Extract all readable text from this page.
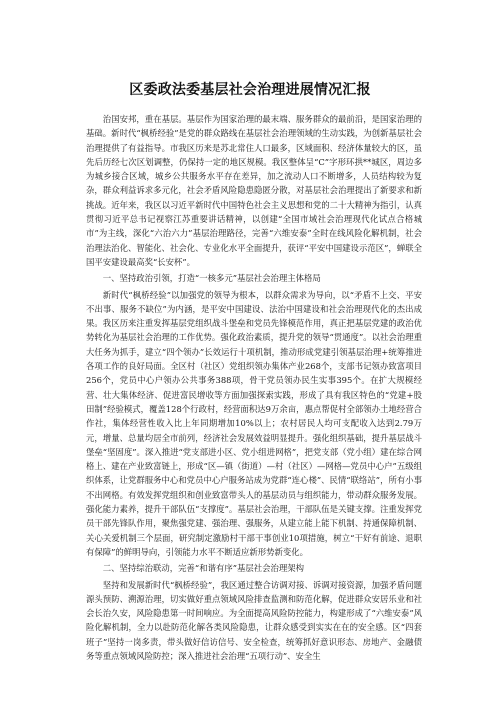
区委政法委基层社会治理进展情况汇报

治国安邦，重在基层。基层作为国家治理的最末端、服务群众的最前沿，是国家治理的基础。新时代“枫桥经验”是党的群众路线在基层社会治理领域的生动实践，为创新基层社会治理提供了有益指导。市我区历来是苏北常住人口最多，区域面积、经济体量较大的区，虽先后历经七次区划调整，仍保持一定的地区规模。我区整体呈“C”字形环拱**城区，周边多为城乡接合区域，城乡公共服务水平存在差异，加之流动人口不断增多，人员结构较为复杂，群众利益诉求多元化，社会矛盾风险隐患隐匿分散，对基层社会治理提出了新要求和新挑战。近年来，我区以习近平新时代中国特色社会主义思想和党的二十大精神为指引，认真贯彻习近平总书记视察江苏重要讲话精神，以创建“全国市域社会治理现代化试点合格城市”为主线，深化“六治六力”基层治理路径，完善“六维安泰”全时在线风险化解机制，社会治理法治化、智能化、社会化、专业化水平全面提升，获评“平安中国建设示范区”，蝉联全国平安建设最高奖“长安杯”。

一、坚持政治引领，打造“一核多元”基层社会治理主体格局

新时代“枫桥经验”以加强党的领导为根本，以群众需求为导向，以“矛盾不上交、平安不出事、服务不缺位”为内涵，是平安中国建设、法治中国建设和社会治理现代化的杰出成果。我区历来注重发挥基层党组织战斗堡垒和党员先锋模范作用，真正把基层党建的政治优势转化为基层社会治理的工作优势。强化政治素质，提升党的领导“贯通度”。以社会治理重大任务为抓手，建立“四个领办”长效运行十项机制，推动形成党建引领基层治理+统筹推进各项工作的良好局面。全区村（社区）党组织领办集体产业268个，支部书记领办致富项目256个，党员中心户领办公共事务388项，骨干党员领办民生实事395个。在扩大规模经营、壮大集体经济、促进富民增收等方面加强探索实践，形成了具有我区特色的“党建+股田制”经验模式，覆盖128个行政村，经营面积达9万余亩，惠点帮促村全部领办土地经营合作社，集体经营性收入比上年同期增加10%以上；农村居民人均可支配收入达到2.79万元，增量、总量均居全市前列，经济社会发展效益明显提升。强化组织基础，提升基层战斗堡垒“坚固度”。深入推进“党支部进小区、党小组进网格”，把党支部（党小组）建在综合网格上、建在产业致富链上，形成“区—镇（街道）—村（社区）—网格—党员中心户”五级组织体系，让党群服务中心和党员中心户服务站成为党群“连心楼”、民情“联络站”，所有小事不出网格。有效发挥党组织和创业致富带头人的基层动员与组织能力，带动群众服务发展。强化能力素养，提升干部队伍“支撑度”。基层社会治理，干部队伍是关键支撑。注重发挥党员干部先锋队作用，聚焦强党建、强治理、强服务，从建立能上能下机制、持通保障机制、关心关爱机制三个层面，研究制定激励村干部干事创业10项措施，树立“干好有前途、退职有保障”的鲜明导向，引领能力水平不断适应新形势新变化。

二、坚持综治联动，完善“和谐有序”基层社会治理架构

坚持和发展新时代“枫桥经验”，我区通过整合访调对接、诉调对接资源，加强矛盾问题源头预防、溯源治理，切实做好重点领域风险排查监测和防范化解，促进群众安居乐业和社会长治久安，风险隐患第一时间响应。为全面提高风险防控能力，构建形成了“六维安泰”风险化解机制，全力以赴防范化解各类风险隐患，让群众感受到实实在在的安全感。区“四套班子”坚持一岗多责，带头做好信访信号、安全检查，统筹抓好意识形态、房地产、金融债务等重点领域风险防控；深入推进社会治理“五项行动”、安全生
